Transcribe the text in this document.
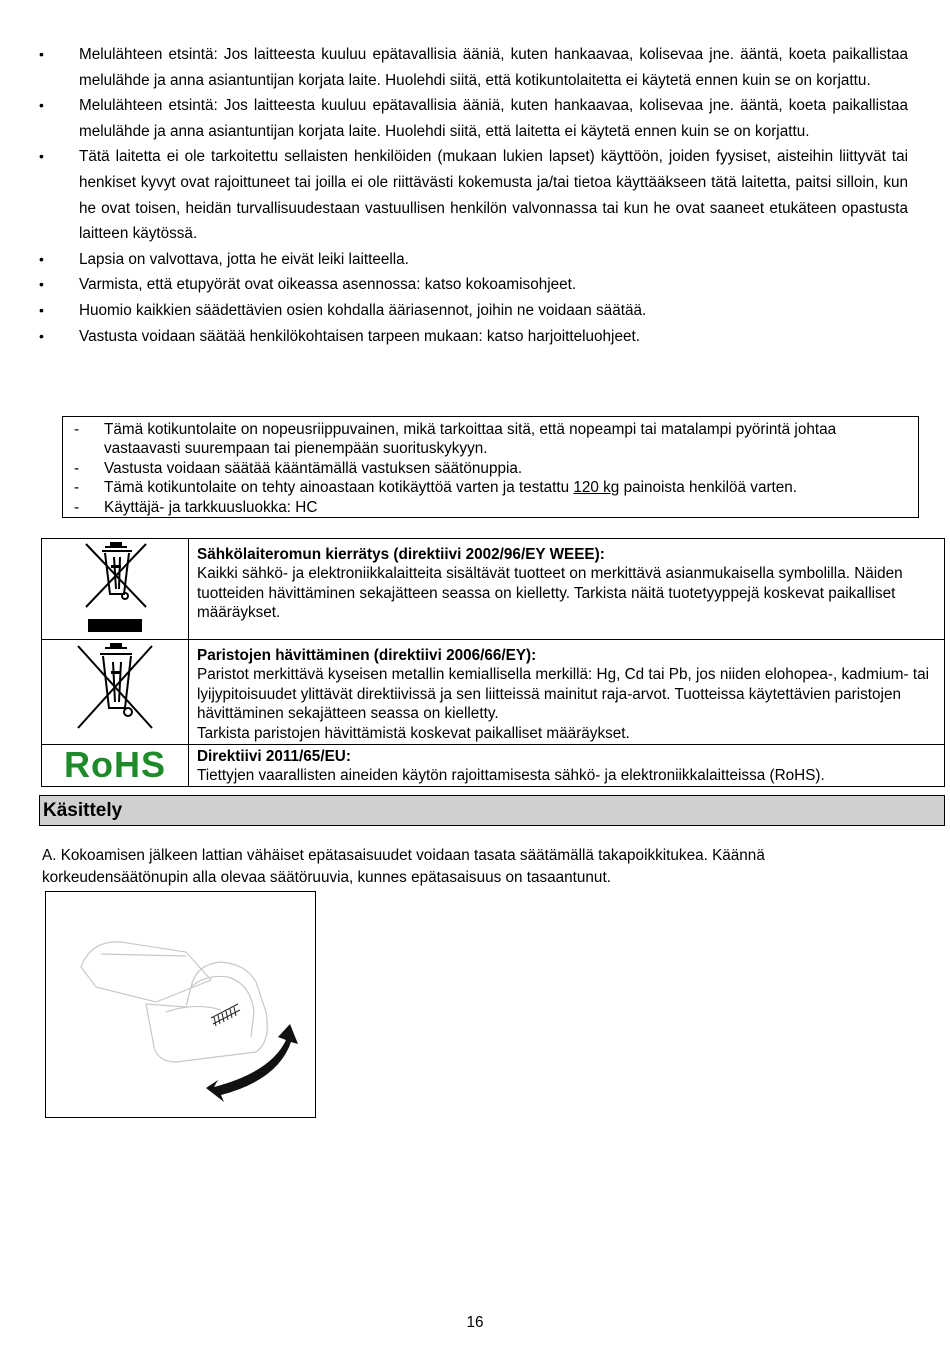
• Melulähteen etsintä: Jos laitteesta kuuluu epätavallisia ääniä, kuten hankaavaa, kolisevaa jne. ääntä, koeta paikallistaa melulähde ja anna asiantuntijan korjata laite. Huolehdi siitä, että kotikuntolaitetta ei käytetä ennen kuin se on korjattu.
• Melulähteen etsintä: Jos laitteesta kuuluu epätavallisia ääniä, kuten hankaavaa, kolisevaa jne. ääntä, koeta paikallistaa melulähde ja anna asiantuntijan korjata laite. Huolehdi siitä, että laitetta ei käytetä ennen kuin se on korjattu.
• Tätä laitetta ei ole tarkoitettu sellaisten henkilöiden (mukaan lukien lapset) käyttöön, joiden fyysiset, aisteihin liittyvät tai henkiset kyvyt ovat rajoittuneet tai joilla ei ole riittävästi kokemusta ja/tai tietoa käyttääkseen tätä laitetta, paitsi silloin, kun he ovat toisen, heidän turvallisuudestaan vastuullisen henkilön valvonnassa tai kun he ovat saaneet etukäteen opastusta laitteen käytössä.
• Lapsia on valvottava, jotta he eivät leiki laitteella.
• Varmista, että etupyörät ovat oikeassa asennossa: katso kokoamisohjeet.
• Huomio kaikkien säädettävien osien kohdalla ääriasennot, joihin ne voidaan säätää.
• Vastusta voidaan säätää henkilökohtaisen tarpeen mukaan: katso harjoitteluohjeet.
- Tämä kotikuntolaite on nopeusriippuvainen, mikä tarkoittaa sitä, että nopeampi tai matalampi pyörintä johtaa vastaavasti suurempaan tai pienempään suorituskykyyn.
- Vastusta voidaan säätää kääntämällä vastuksen säätönuppia.
- Tämä kotikuntolaite on tehty ainoastaan kotikäyttöä varten ja testattu 120 kg painoista henkilöä varten.
- Käyttäjä- ja tarkkuusluokka: HC

Sähkölaiteromun kierrätys (direktiivi 2002/96/EY WEEE):
Kaikki sähkö- ja elektroniikkalaitteita sisältävät tuotteet on merkittävä asianmukaisella symbolilla. Näiden tuotteiden hävittäminen sekajätteen seassa on kielletty. Tarkista näitä tuotetyyppejä koskevat paikalliset määräykset.

Paristojen hävittäminen (direktiivi 2006/66/EY):
Paristot merkittävä kyseisen metallin kemiallisella merkillä: Hg, Cd tai Pb, jos niiden elohopea-, kadmium- tai lyijypitoisuudet ylittävät direktiivissä ja sen liitteissä mainitut raja-arvot. Tuotteissa käytettävien paristojen hävittäminen sekajätteen seassa on kielletty.
Tarkista paristojen hävittämistä koskevat paikalliset määräykset.

RoHS	Direktiivi 2011/65/EU:
Tiettyjen vaarallisten aineiden käytön rajoittamisesta sähkö- ja elektroniikkalaitteissa (RoHS).
Käsittely
A. Kokoamisen jälkeen lattian vähäiset epätasaisuudet voidaan tasata säätämällä takapoikkitukea. Käännä korkeudensäätönupin alla olevaa säätöruuvia, kunnes epätasaisuus on tasaantunut.
16
